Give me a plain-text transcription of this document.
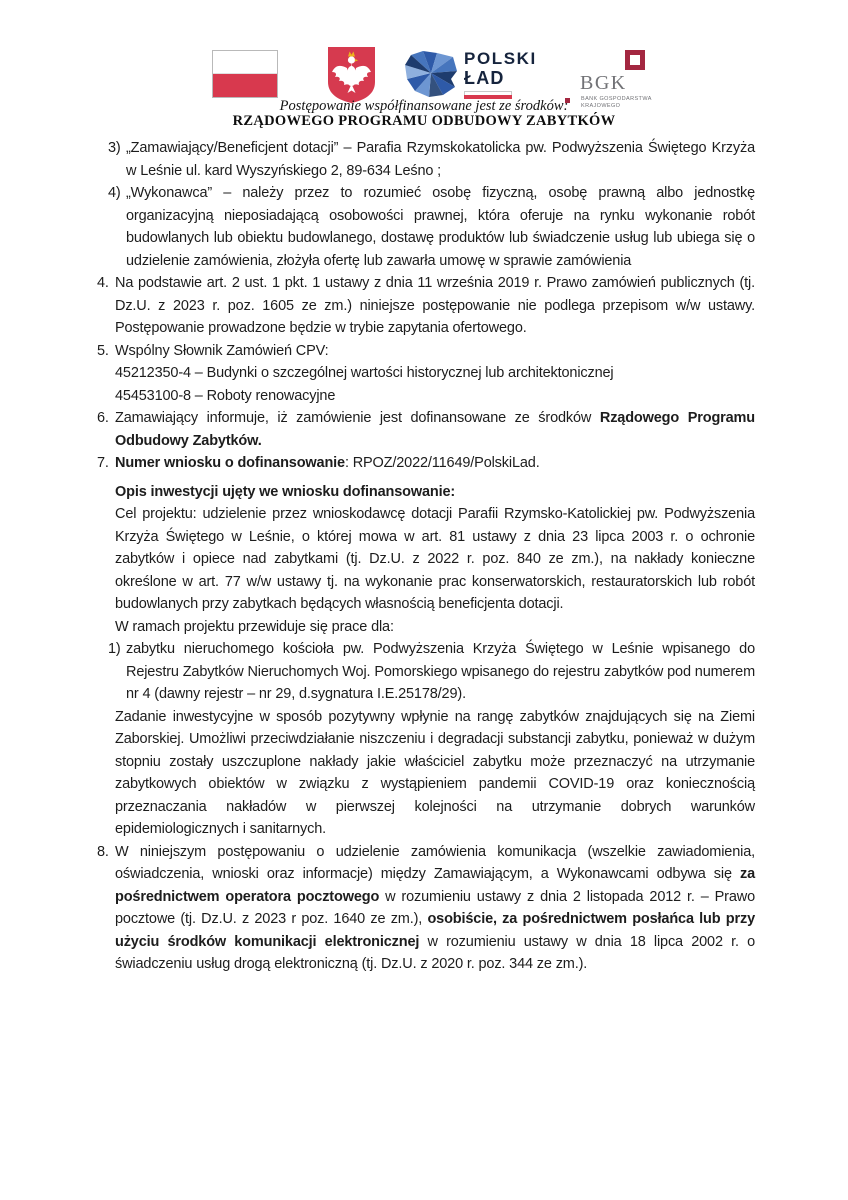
POLSKI
ŁAD	BGK
BANK GOSPODARSTWA
KRAJOWEGO
Postępowanie współfinansowane jest ze środków:
RZĄDOWEGO PROGRAMU ODBUDOWY ZABYTKÓW
3) „Zamawiający/Beneficjent dotacji” – Parafia Rzymskokatolicka pw. Podwyższenia Świętego Krzyża w Leśnie ul. kard Wyszyńskiego 2, 89-634 Leśno ;
4) „Wykonawca” – należy przez to rozumieć osobę fizyczną, osobę prawną albo jednostkę organizacyjną nieposiadającą osobowości prawnej, która oferuje na rynku wykonanie robót budowlanych lub obiektu budowlanego, dostawę produktów lub świadczenie usług lub ubiega się o udzielenie zamówienia, złożyła ofertę lub zawarła umowę w sprawie zamówienia
4. Na podstawie art. 2 ust. 1 pkt. 1 ustawy z dnia 11 września 2019 r. Prawo zamówień publicznych (tj. Dz.U. z 2023 r. poz. 1605 ze zm.) niniejsze postępowanie nie podlega przepisom w/w ustawy. Postępowanie prowadzone będzie w trybie zapytania ofertowego.
5. Wspólny Słownik Zamówień CPV:
45212350-4 – Budynki o szczególnej wartości historycznej lub architektonicznej
45453100-8 – Roboty renowacyjne
6. Zamawiający informuje, iż zamówienie jest dofinansowane ze środków Rządowego Programu Odbudowy Zabytków.
7. Numer wniosku o dofinansowanie: RPOZ/2022/11649/PolskiLad.
Opis inwestycji ujęty we wniosku dofinansowanie:
Cel projektu: udzielenie przez wnioskodawcę dotacji Parafii Rzymsko-Katolickiej pw. Podwyższenia Krzyża Świętego w Leśnie, o której mowa w art. 81 ustawy z dnia 23 lipca 2003 r. o ochronie zabytków i opiece nad zabytkami (tj. Dz.U. z 2022 r. poz. 840 ze zm.), na nakłady konieczne określone w art. 77 w/w ustawy tj. na wykonanie prac konserwatorskich, restauratorskich lub robót budowlanych przy zabytkach będących własnością beneficjenta dotacji.
W ramach projektu przewiduje się prace dla:
1) zabytku nieruchomego kościoła pw. Podwyższenia Krzyża Świętego w Leśnie wpisanego do Rejestru Zabytków Nieruchomych Woj. Pomorskiego wpisanego do rejestru zabytków pod numerem nr 4 (dawny rejestr – nr 29, d.sygnatura I.E.25178/29).
Zadanie inwestycyjne w sposób pozytywny wpłynie na rangę zabytków znajdujących się na Ziemi Zaborskiej. Umożliwi przeciwdziałanie niszczeniu i degradacji substancji zabytku, ponieważ w dużym stopniu zostały uszczuplone nakłady jakie właściciel zabytku może przeznaczyć na utrzymanie zabytkowych obiektów w związku z wystąpieniem pandemii COVID-19 oraz koniecznością przeznaczania nakładów w pierwszej kolejności na utrzymanie dobrych warunków epidemiologicznych i sanitarnych.
8. W niniejszym postępowaniu o udzielenie zamówienia komunikacja (wszelkie zawiadomienia, oświadczenia, wnioski oraz informacje) między Zamawiającym, a Wykonawcami odbywa się za pośrednictwem operatora pocztowego w rozumieniu ustawy z dnia 2 listopada 2012 r. – Prawo pocztowe (tj. Dz.U. z 2023 r poz. 1640 ze zm.), osobiście, za pośrednictwem posłańca lub przy użyciu środków komunikacji elektronicznej w rozumieniu ustawy w dnia 18 lipca 2002 r. o świadczeniu usług drogą elektroniczną (tj. Dz.U. z 2020 r. poz. 344 ze zm.).
